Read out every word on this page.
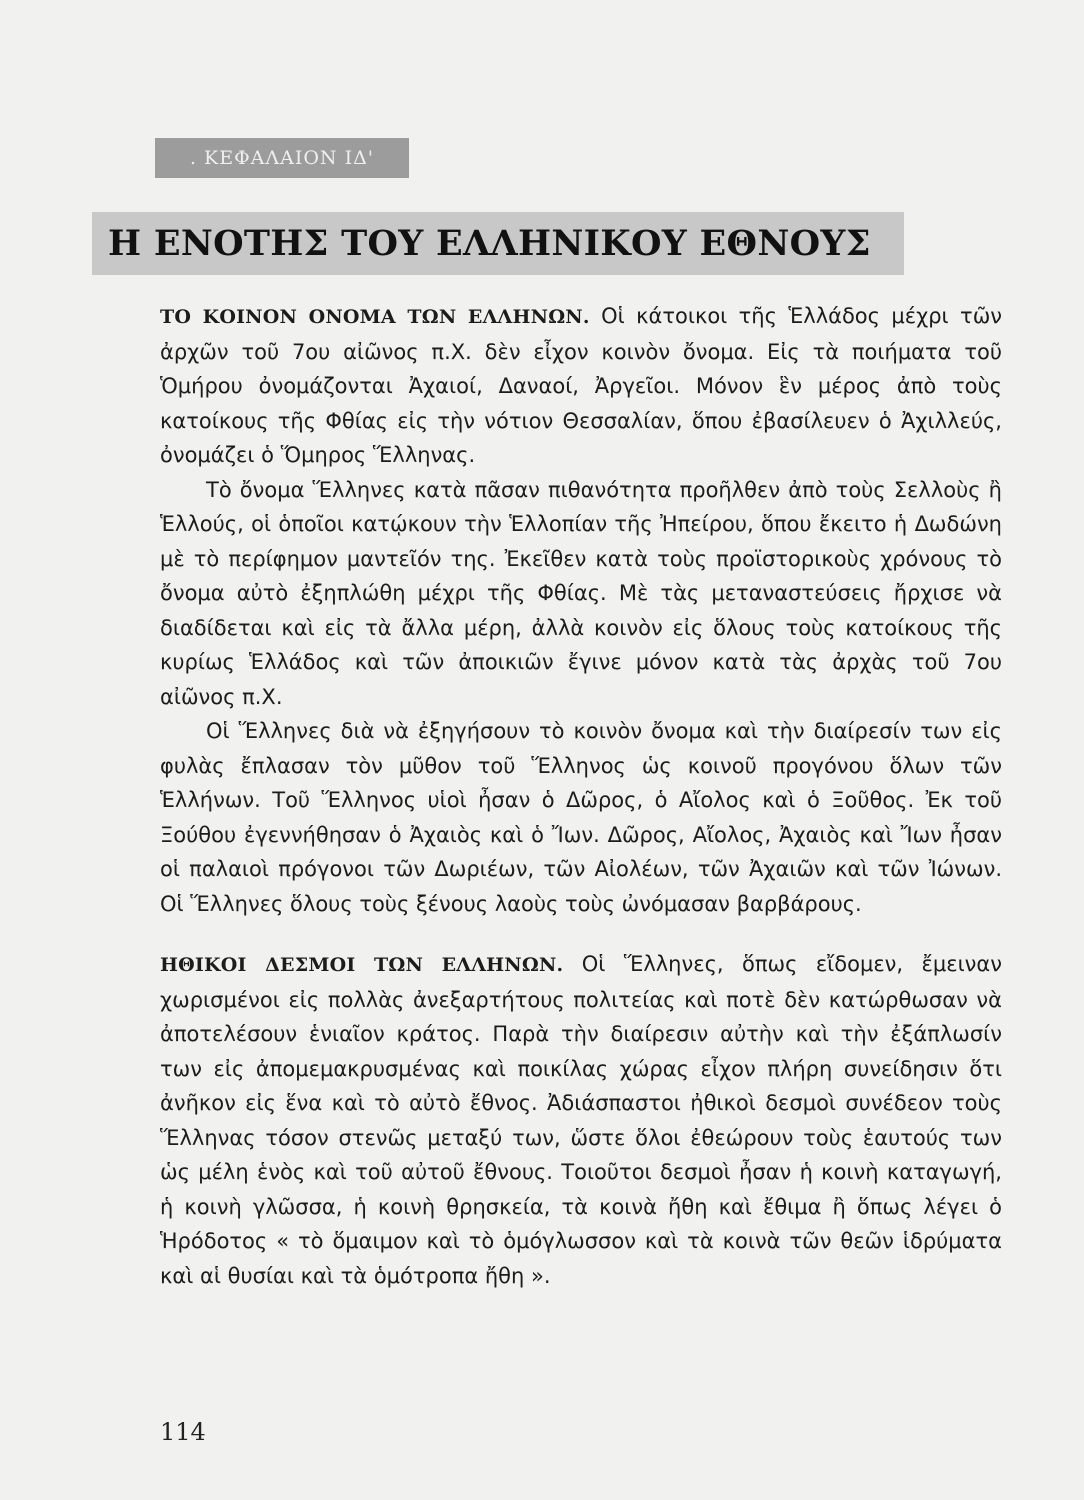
. ΚΕΦΑΛΑΙΟΝ ΙΔ'
Η ΕΝΟΤΗΣ ΤΟΥ ΕΛΛΗΝΙΚΟΥ ΕΘΝΟΥΣ

ΤΟ ΚΟΙΝΟΝ ΟΝΟΜΑ ΤΩΝ ΕΛΛΗΝΩΝ. Οἱ κάτοικοι τῆς Ἑλλάδος μέχρι τῶν ἀρχῶν τοῦ 7ου αἰῶνος π.Χ. δὲν εἶχον κοινὸν ὄνομα. Εἰς τὰ ποιήματα τοῦ Ὁμήρου ὀνομάζονται Ἀχαιοί, Δαναοί, Ἀργεῖοι. Μόνον ἓν μέρος ἀπὸ τοὺς κατοίκους τῆς Φθίας εἰς τὴν νότιον Θεσσαλίαν, ὅπου ἐβασίλευεν ὁ Ἀχιλλεύς, ὀνομάζει ὁ Ὅμηρος Ἕλληνας.

Τὸ ὄνομα Ἕλληνες κατὰ πᾶσαν πιθανότητα προῆλθεν ἀπὸ τοὺς Σελλοὺς ἢ Ἑλλούς, οἱ ὁποῖοι κατῴκουν τὴν Ἑλλοπίαν τῆς Ἠπείρου, ὅπου ἔκειτο ἡ Δωδώνη μὲ τὸ περίφημον μαντεῖόν της. Ἐκεῖθεν κατὰ τοὺς προϊστορικοὺς χρόνους τὸ ὄνομα αὐτὸ ἐξηπλώθη μέχρι τῆς Φθίας. Μὲ τὰς μεταναστεύσεις ἤρχισε νὰ διαδίδεται καὶ εἰς τὰ ἄλλα μέρη, ἀλλὰ κοινὸν εἰς ὅλους τοὺς κατοίκους τῆς κυρίως Ἑλλάδος καὶ τῶν ἀποικιῶν ἔγινε μόνον κατὰ τὰς ἀρχὰς τοῦ 7ου αἰῶνος π.Χ.

Οἱ Ἕλληνες διὰ νὰ ἐξηγήσουν τὸ κοινὸν ὄνομα καὶ τὴν διαίρεσίν των εἰς φυλὰς ἔπλασαν τὸν μῦθον τοῦ Ἕλληνος ὡς κοινοῦ προγόνου ὅλων τῶν Ἑλλήνων. Τοῦ Ἕλληνος υἱοὶ ἦσαν ὁ Δῶρος, ὁ Αἴολος καὶ ὁ Ξοῦθος. Ἐκ τοῦ Ξούθου ἐγεννήθησαν ὁ Ἀχαιὸς καὶ ὁ Ἴων. Δῶρος, Αἴολος, Ἀχαιὸς καὶ Ἴων ἦσαν οἱ παλαιοὶ πρόγονοι τῶν Δωριέων, τῶν Αἰολέων, τῶν Ἀχαιῶν καὶ τῶν Ἰώνων. Οἱ Ἕλληνες ὅλους τοὺς ξένους λαοὺς τοὺς ὠνόμασαν βαρβάρους.

ΗΘΙΚΟΙ ΔΕΣΜΟΙ ΤΩΝ ΕΛΛΗΝΩΝ. Οἱ Ἕλληνες, ὅπως εἴδομεν, ἔμειναν χωρισμένοι εἰς πολλὰς ἀνεξαρτήτους πολιτείας καὶ ποτὲ δὲν κατώρθωσαν νὰ ἀποτελέσουν ἑνιαῖον κράτος. Παρὰ τὴν διαίρεσιν αὐτὴν καὶ τὴν ἐξάπλωσίν των εἰς ἀπομεμακρυσμένας καὶ ποικίλας χώρας εἶχον πλήρη συνείδησιν ὅτι ἀνῆκον εἰς ἕνα καὶ τὸ αὐτὸ ἔθνος. Ἀδιάσπαστοι ἠθικοὶ δεσμοὶ συνέδεον τοὺς Ἕλληνας τόσον στενῶς μεταξύ των, ὥστε ὅλοι ἐθεώρουν τοὺς ἑαυτούς των ὡς μέλη ἑνὸς καὶ τοῦ αὐτοῦ ἔθνους. Τοιοῦτοι δεσμοὶ ἦσαν ἡ κοινὴ καταγωγή, ἡ κοινὴ γλῶσσα, ἡ κοινὴ θρησκεία, τὰ κοινὰ ἤθη καὶ ἔθιμα ἢ ὅπως λέγει ὁ Ἡρόδοτος « τὸ ὅμαιμον καὶ τὸ ὁμόγλωσσον καὶ τὰ κοινὰ τῶν θεῶν ἱδρύματα καὶ αἱ θυσίαι καὶ τὰ ὁμότροπα ἤθη ».

114
